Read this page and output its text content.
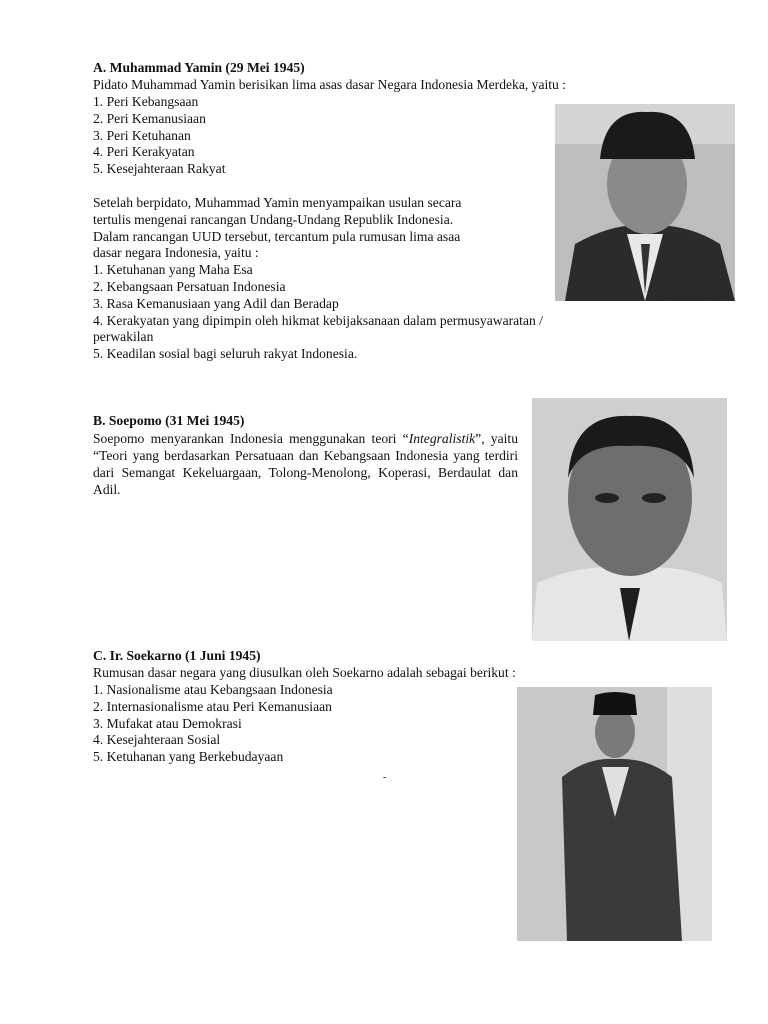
A. Muhammad Yamin (29 Mei 1945)
Pidato Muhammad Yamin berisikan lima asas dasar Negara Indonesia Merdeka, yaitu :
1. Peri Kebangsaan
2. Peri Kemanusiaan
3. Peri Ketuhanan
4. Peri Kerakyatan
5. Kesejahteraan Rakyat
Setelah berpidato, Muhammad Yamin menyampaikan usulan secara
tertulis mengenai rancangan Undang-Undang Republik Indonesia.
Dalam rancangan UUD tersebut, tercantum pula rumusan lima asaa
dasar negara Indonesia, yaitu :
1. Ketuhanan yang Maha Esa
2. Kebangsaan Persatuan Indonesia
3. Rasa Kemanusiaan yang Adil dan Beradap
4. Kerakyatan yang dipimpin oleh hikmat kebijaksanaan dalam permusyawaratan /
perwakilan
5. Keadilan sosial bagi seluruh rakyat Indonesia.
National Library of Indonesia 2015
B. Soepomo (31 Mei 1945)
Soepomo menyarankan Indonesia menggunakan teori “Integralistik”, yaitu “Teori yang berdasarkan Persatuaan dan Kebangsaan Indonesia yang terdiri dari Semangat Kekeluargaan, Tolong-Menolong, Koperasi, Berdaulat dan Adil.
C. Ir. Soekarno (1 Juni 1945)
Rumusan dasar negara yang diusulkan oleh Soekarno adalah sebagai berikut :
1. Nasionalisme atau Kebangsaan Indonesia
2. Internasionalisme atau Peri Kemanusiaan
3. Mufakat atau Demokrasi
4. Kesejahteraan Sosial
5. Ketuhanan yang Berkebudayaan
-
